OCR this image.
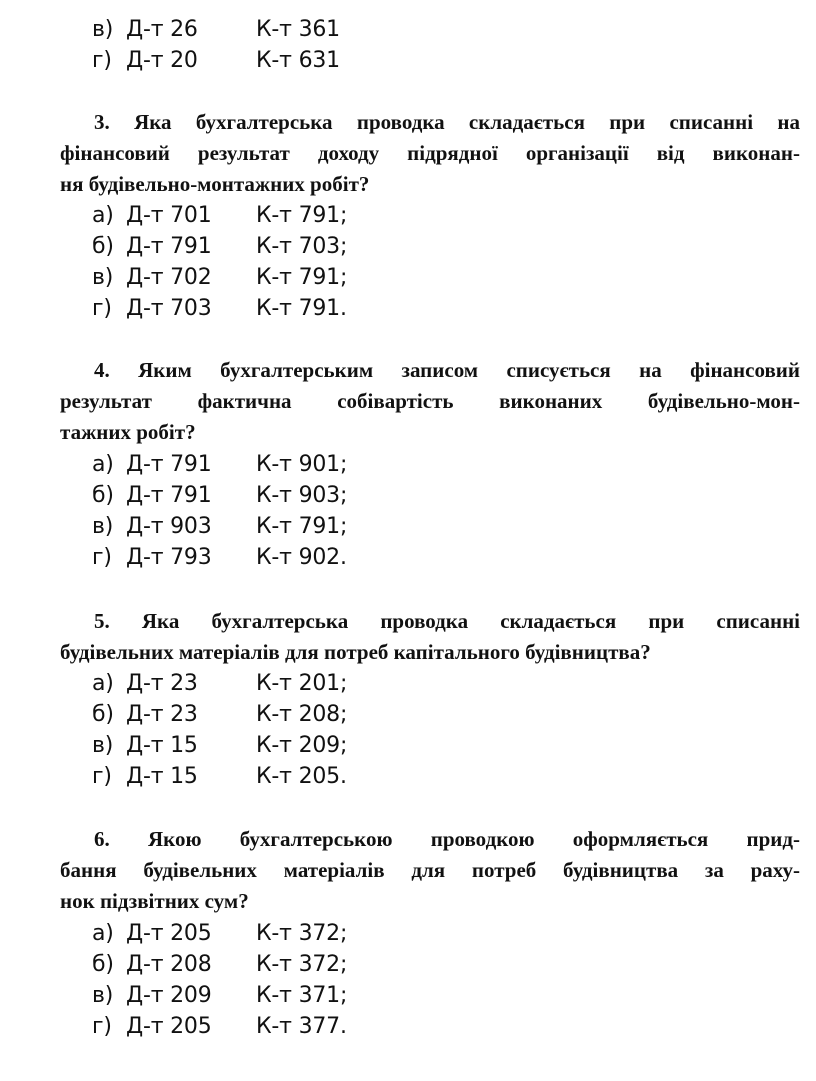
в) Д-т 26	К-т 361
г) Д-т 20	К-т 631
3. Яка бухгалтерська проводка складається при списанні на
фінансовий результат доходу підрядної організації від виконан-
ня будівельно-монтажних робіт?
а) Д-т 701 К-т 791;
б) Д-т 791 К-т 703;
в) Д-т 702 К-т 791;
г) Д-т 703 К-т 791.
4. Яким бухгалтерським записом списується на фінансовий
результат фактична собівартість виконаних будівельно-мон-
тажних робіт?
а) Д-т 791 К-т 901;
б) Д-т 791 К-т 903;
в) Д-т 903 К-т 791;
г) Д-т 793 К-т 902.
5. Яка бухгалтерська проводка складається при списанні
будівельних матеріалів для потреб капітального будівництва?
а) Д-т 23	К-т 201;
б) Д-т 23	К-т 208;
в) Д-т 15	К-т 209;
г) Д-т 15	К-т 205.
6. Якою бухгалтерською проводкою оформляється прид-
бання будівельних матеріалів для потреб будівництва за раху-
нок підзвітних сум?
а) Д-т 205 К-т 372;
б) Д-т 208 К-т 372;
в) Д-т 209 К-т 371;
г) Д-т 205 К-т 377.
